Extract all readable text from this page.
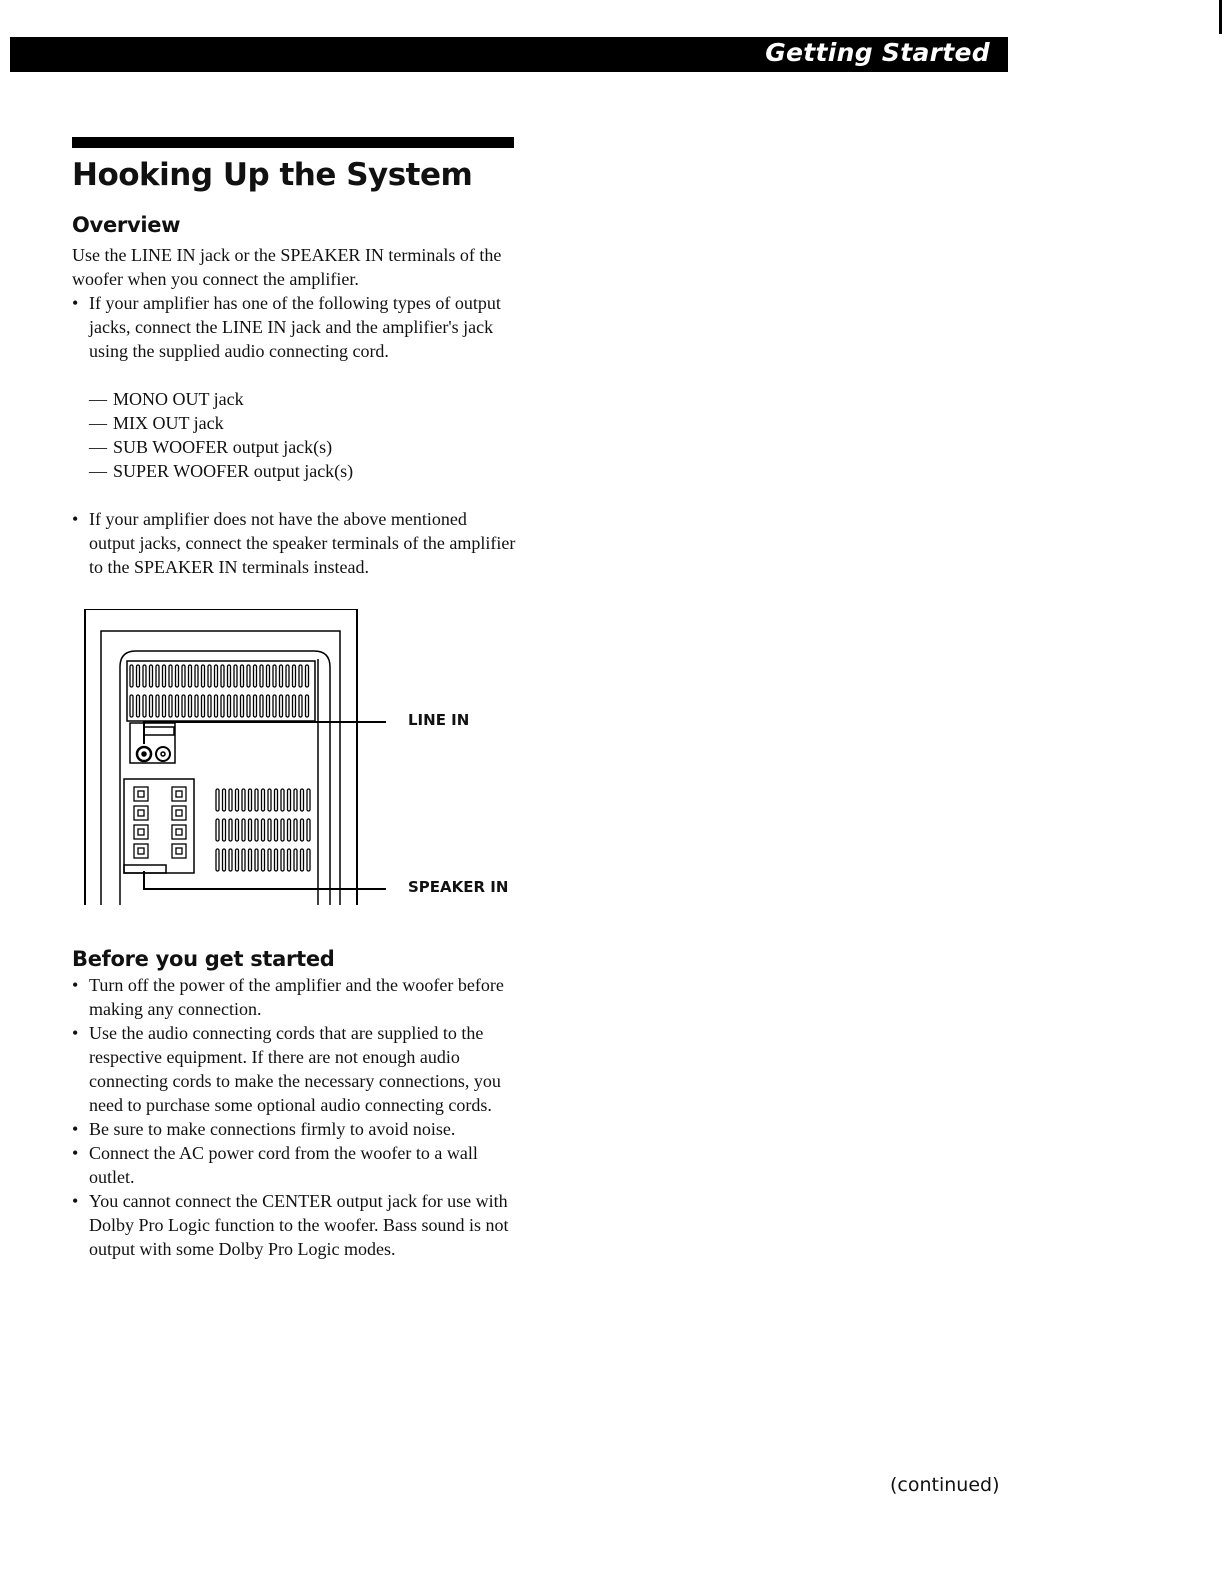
Getting Started
Hooking Up the System
Overview

Use the LINE IN jack or the SPEAKER IN terminals of the woofer when you connect the amplifier.

• If your amplifier has one of the following types of output jacks, connect the LINE IN jack and the amplifier's jack using the supplied audio connecting cord.
— MONO OUT jack
— MIX OUT jack
— SUB WOOFER output jack(s)
— SUPER WOOFER output jack(s)
• If your amplifier does not have the above mentioned output jacks, connect the speaker terminals of the amplifier to the SPEAKER IN terminals instead.
LINE IN
SPEAKER IN
Before you get started
• Turn off the power of the amplifier and the woofer before making any connection.
• Use the audio connecting cords that are supplied to the respective equipment. If there are not enough audio connecting cords to make the necessary connections, you need to purchase some optional audio connecting cords.
• Be sure to make connections firmly to avoid noise.
• Connect the AC power cord from the woofer to a wall outlet.
• You cannot connect the CENTER output jack for use with Dolby Pro Logic function to the woofer. Bass sound is not output with some Dolby Pro Logic modes.
(continued)
